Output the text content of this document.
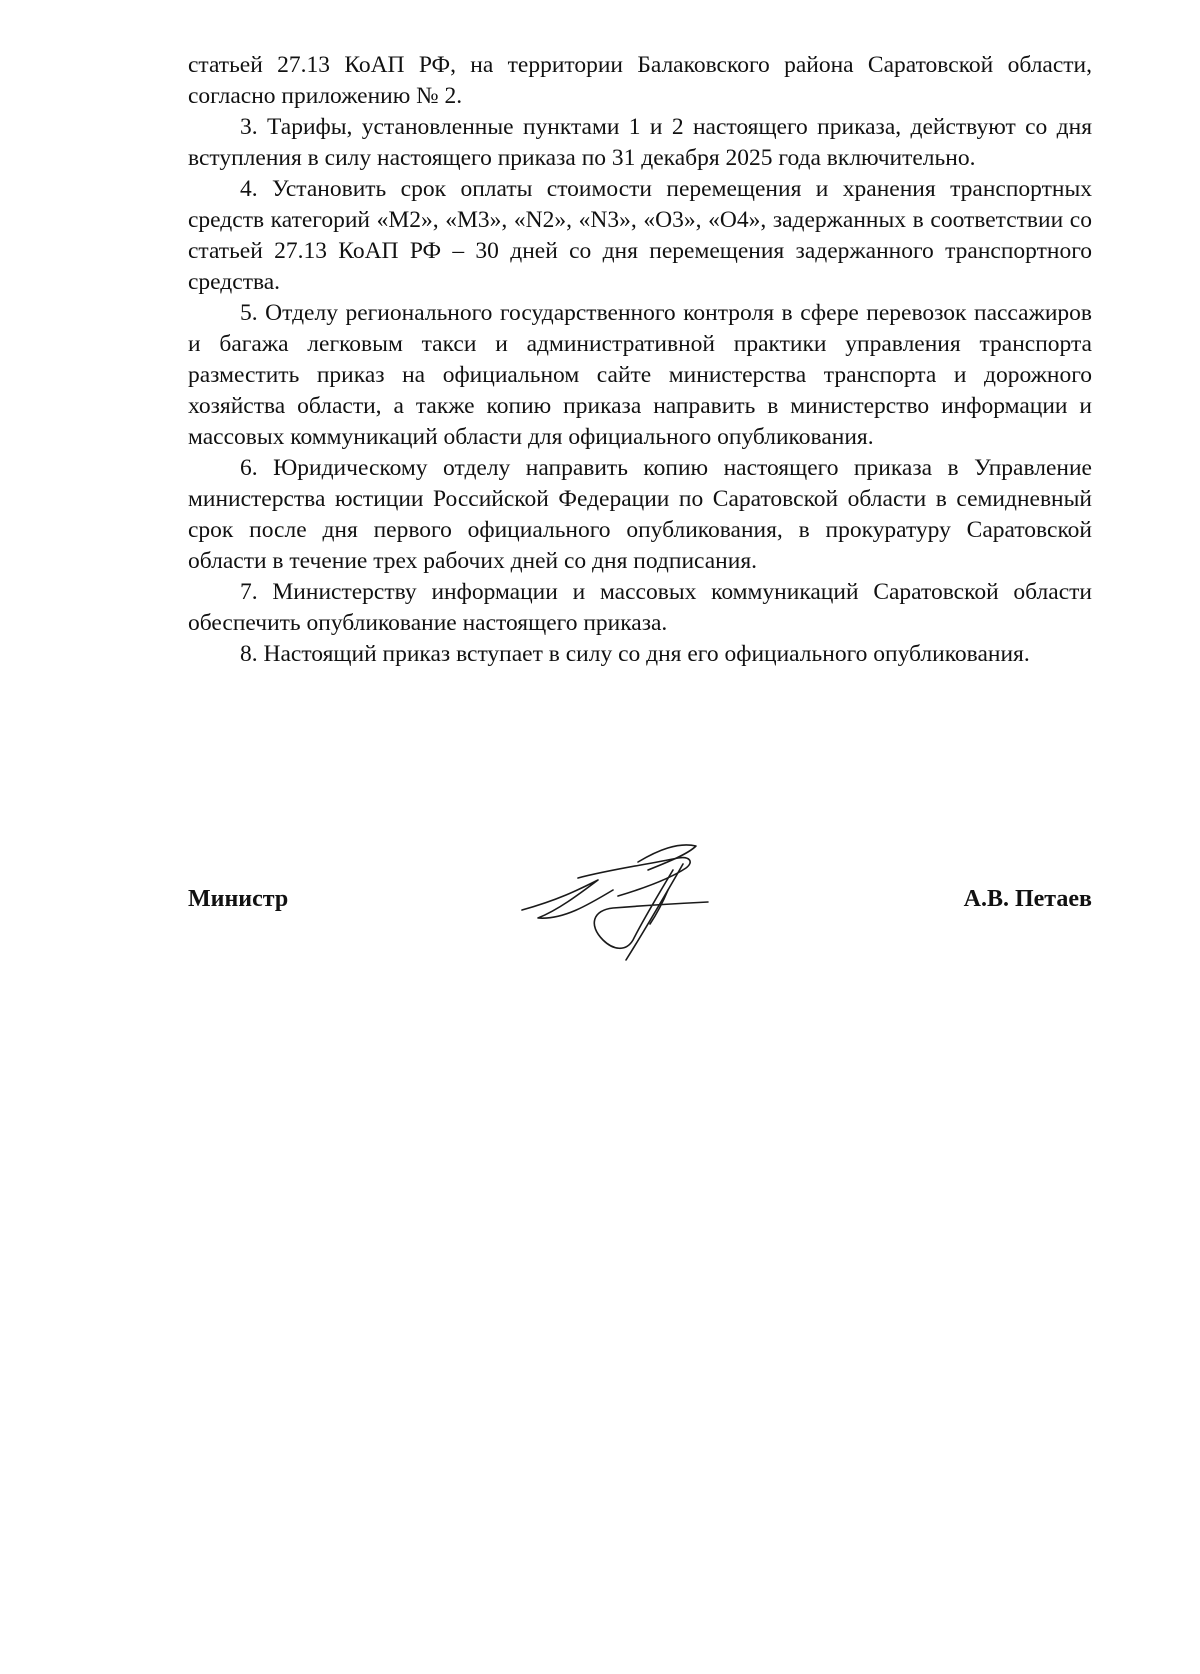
статьей 27.13 КоАП РФ, на территории Балаковского района Саратовской области, согласно приложению № 2.

3. Тарифы, установленные пунктами 1 и 2 настоящего приказа, действуют со дня вступления в силу настоящего приказа по 31 декабря 2025 года включительно.

4. Установить срок оплаты стоимости перемещения и хранения транспортных средств категорий «М2», «М3», «N2», «N3», «О3», «О4», задержанных в соответствии со статьей 27.13 КоАП РФ – 30 дней со дня перемещения задержанного транспортного средства.

5. Отделу регионального государственного контроля в сфере перевозок пассажиров и багажа легковым такси и административной практики управления транспорта разместить приказ на официальном сайте министерства транспорта и дорожного хозяйства области, а также копию приказа направить в министерство информации и массовых коммуникаций области для официального опубликования.

6. Юридическому отделу направить копию настоящего приказа в Управление министерства юстиции Российской Федерации по Саратовской области в семидневный срок после дня первого официального опубликования, в прокуратуру Саратовской области в течение трех рабочих дней со дня подписания.

7. Министерству информации и массовых коммуникаций Саратовской области обеспечить опубликование настоящего приказа.

8. Настоящий приказ вступает в силу со дня его официального опубликования.

Министр	А.В. Петаев
